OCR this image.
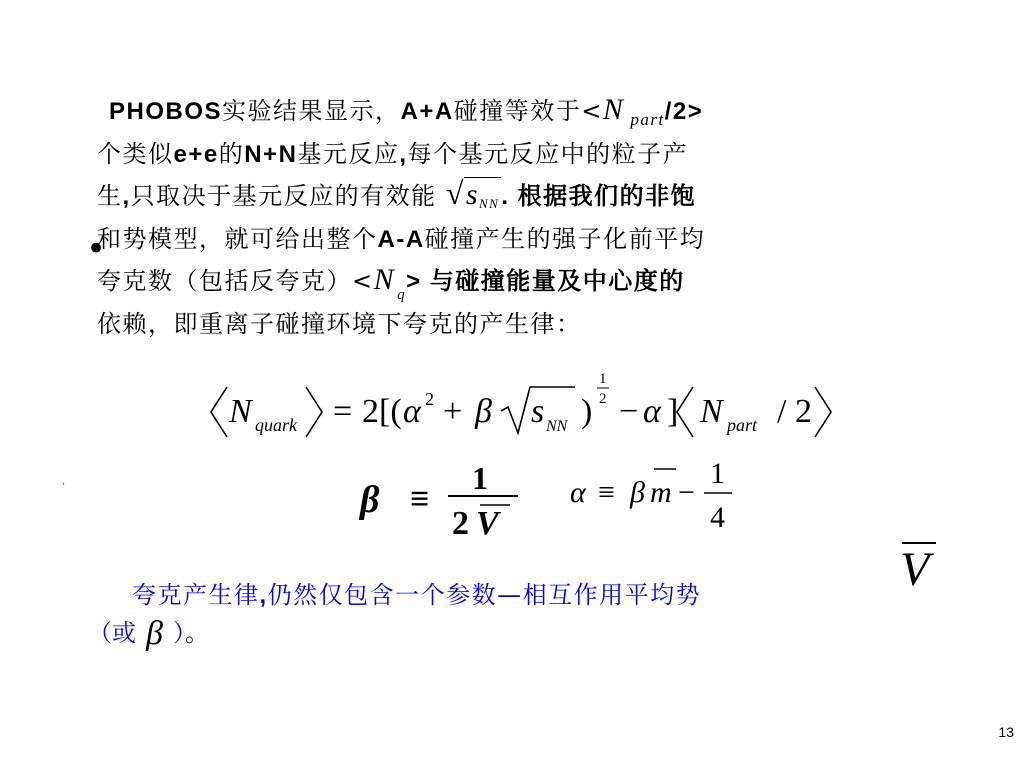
•
PHOBOS实验结果显示，A+A碰撞等效于<N $_{part}$/2>
个类似e+e的N+N基元反应,每个基元反应中的粒子产
生,只取决于基元反应的有效能 √ sNN. 根据我们的非饱
和势模型，就可给出整个A-A碰撞产生的强子化前平均
夸克数（包括反夸克）<N $_q$> 与碰撞能量及中心度的
依赖，即重离子碰撞环境下夸克的产生律：
N quark = 2[( α 2 + β s NN )
1
2 − α ] N part / 2
β ≡
1
2 V
α ≡ β m −
1
4
,
夸克产生律,仍然仅包含一个参数—相互作用平均势	V
（或 β ）。
13
